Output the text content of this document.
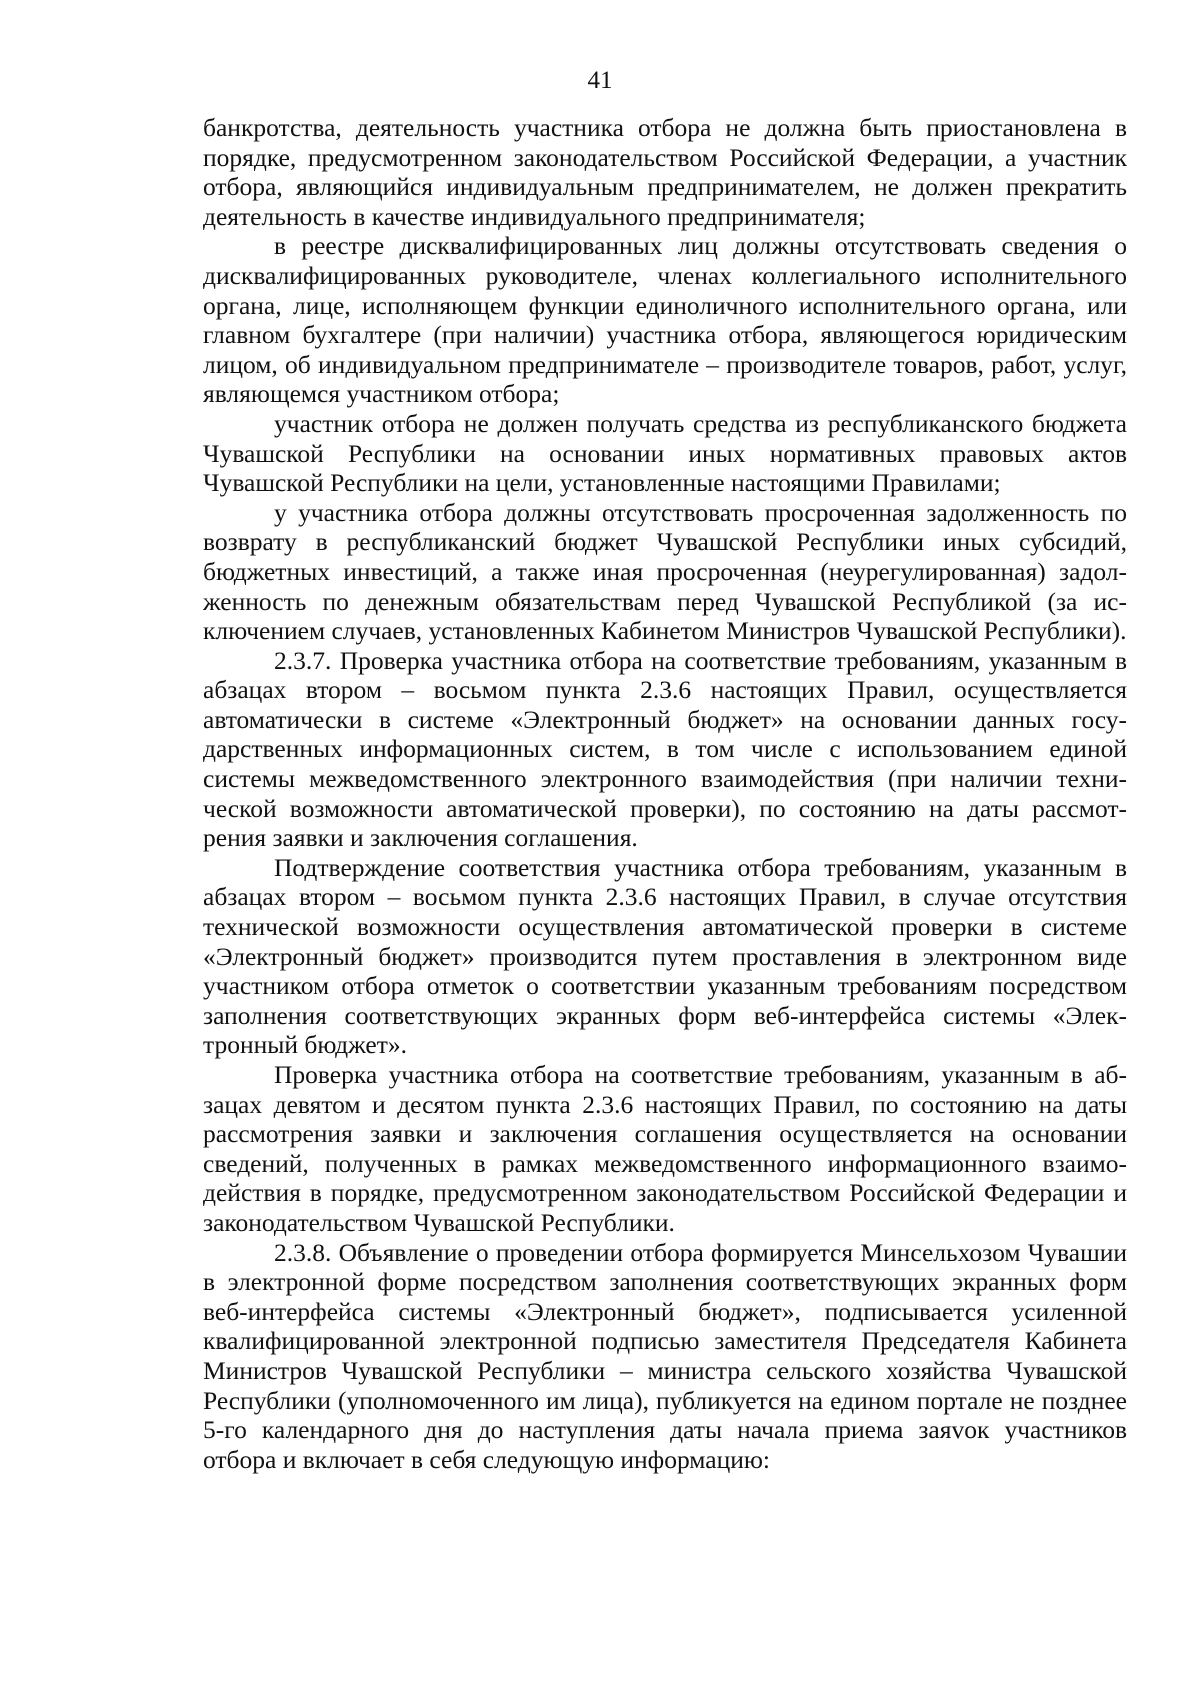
41

банкротства, деятельность участника отбора не должна быть приостановлена в порядке, предусмотренном законодательством Российской Федерации, а участник отбора, являющийся индивидуальным предпринимателем, не должен прекратить деятельность в качестве индивидуального предпринимателя;

в реестре дисквалифицированных лиц должны отсутствовать сведения о дисквалифицированных руководителе, членах коллегиального исполнительного органа, лице, исполняющем функции единоличного исполнительного органа, или главном бухгалтере (при наличии) участника отбора, являющегося юридическим лицом, об индивидуальном предпринимателе – производителе товаров, работ, услуг, являющемся участником отбора;

участник отбора не должен получать средства из республиканского бюджета Чувашской Республики на основании иных нормативных правовых актов Чувашской Республики на цели, установленные настоящими Правилами;

у участника отбора должны отсутствовать просроченная задолженность по возврату в республиканский бюджет Чувашской Республики иных субсидий, бюджетных инвестиций, а также иная просроченная (неурегулированная) задолженность по денежным обязательствам перед Чувашской Республикой (за исключением случаев, установленных Кабинетом Министров Чувашской Республики).

2.3.7. Проверка участника отбора на соответствие требованиям, указанным в абзацах втором – восьмом пункта 2.3.6 настоящих Правил, осуществляется автоматически в системе «Электронный бюджет» на основании данных государственных информационных систем, в том числе с использованием единой системы межведомственного электронного взаимодействия (при наличии технической возможности автоматической проверки), по состоянию на даты рассмотрения заявки и заключения соглашения.

Подтверждение соответствия участника отбора требованиям, указанным в абзацах втором – восьмом пункта 2.3.6 настоящих Правил, в случае отсутствия технической возможности осуществления автоматической проверки в системе «Электронный бюджет» производится путем проставления в электронном виде участником отбора отметок о соответствии указанным требованиям посредством заполнения соответствующих экранных форм веб-интерфейса системы «Электронный бюджет».

Проверка участника отбора на соответствие требованиям, указанным в абзацах девятом и десятом пункта 2.3.6 настоящих Правил, по состоянию на даты рассмотрения заявки и заключения соглашения осуществляется на основании сведений, полученных в рамках межведомственного информационного взаимодействия в порядке, предусмотренном законодательством Российской Федерации и законодательством Чувашской Республики.

2.3.8. Объявление о проведении отбора формируется Минсельхозом Чувашии в электронной форме посредством заполнения соответствующих экранных форм веб-интерфейса системы «Электронный бюджет», подписывается усиленной квалифицированной электронной подписью заместителя Председателя Кабинета Министров Чувашской Республики – министра сельского хозяйства Чувашской Республики (уполномоченного им лица), публикуется на едином портале не позднее 5-го календарного дня до наступления даты начала приема заяvок участников отбора и включает в себя следующую информацию:
